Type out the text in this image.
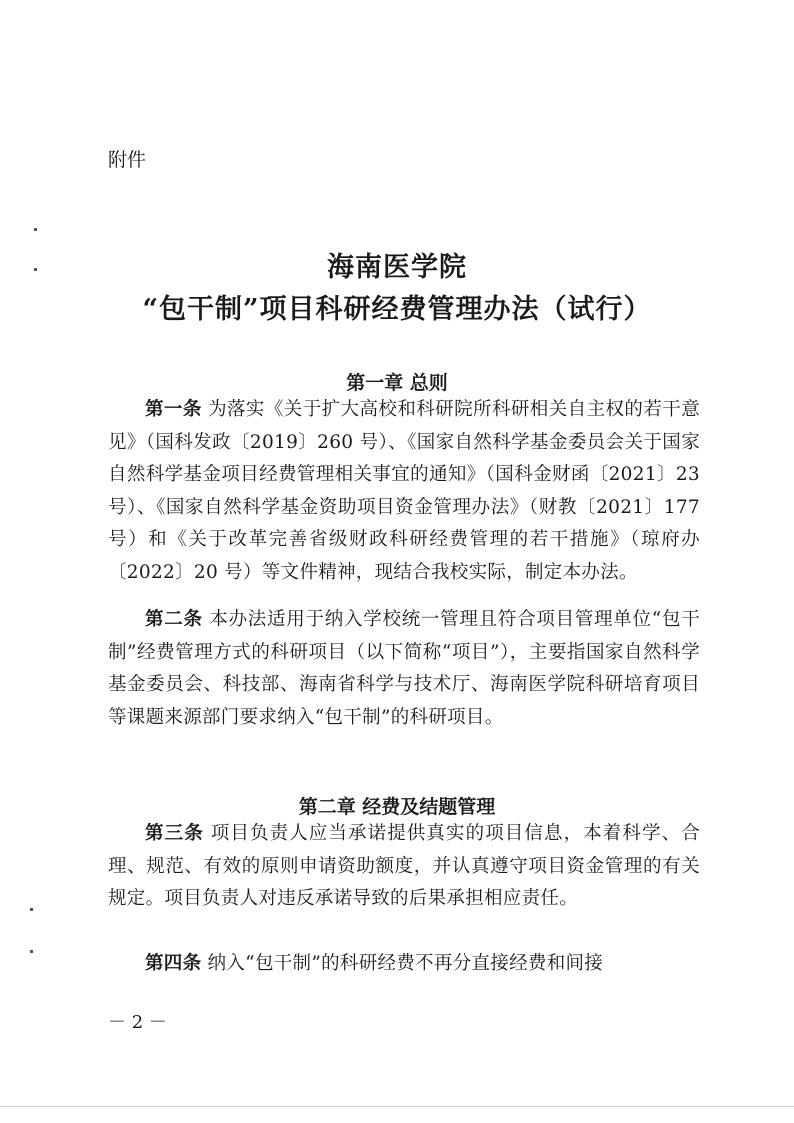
附件
海南医学院
“包干制”项目科研经费管理办法（试行）
第一章 总则
第一条 为落实《关于扩大高校和科研院所科研相关自主权的若干意见》（国科发政〔2019〕260 号）、《国家自然科学基金委员会关于国家自然科学基金项目经费管理相关事宜的通知》（国科金财函〔2021〕23 号）、《国家自然科学基金资助项目资金管理办法》（财教〔2021〕177 号）和《关于改革完善省级财政科研经费管理的若干措施》（琼府办〔2022〕20 号）等文件精神，现结合我校实际，制定本办法。
第二条 本办法适用于纳入学校统一管理且符合项目管理单位“包干制”经费管理方式的科研项目（以下简称“项目”），主要指国家自然科学基金委员会、科技部、海南省科学与技术厅、海南医学院科研培育项目等课题来源部门要求纳入“包干制”的科研项目。
第二章 经费及结题管理
第三条 项目负责人应当承诺提供真实的项目信息，本着科学、合理、规范、有效的原则申请资助额度，并认真遵守项目资金管理的有关规定。项目负责人对违反承诺导致的后果承担相应责任。
第四条 纳入“包干制”的科研经费不再分直接经费和间接
－ 2 －
